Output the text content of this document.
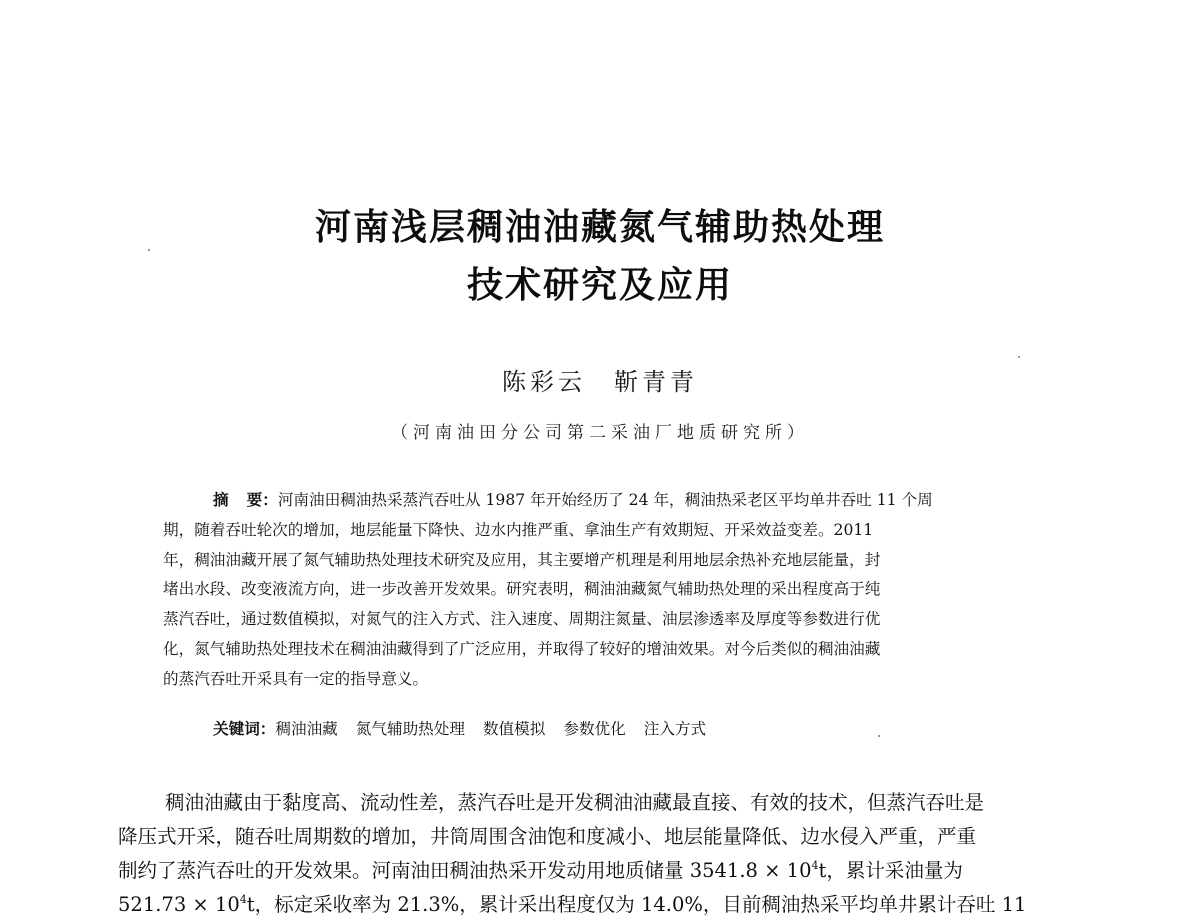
河南浅层稠油油藏氮气辅助热处理
技术研究及应用
陈彩云 靳青青
（河南油田分公司第二采油厂地质研究所）
摘 要：河南油田稠油热采蒸汽吞吐从 1987 年开始经历了 24 年，稠油热采老区平均单井吞吐 11 个周
期，随着吞吐轮次的增加，地层能量下降快、边水内推严重、拿油生产有效期短、开采效益变差。2011
年，稠油油藏开展了氮气辅助热处理技术研究及应用，其主要增产机理是利用地层余热补充地层能量，封
堵出水段、改变液流方向，进一步改善开发效果。研究表明，稠油油藏氮气辅助热处理的采出程度高于纯
蒸汽吞吐，通过数值模拟，对氮气的注入方式、注入速度、周期注氮量、油层渗透率及厚度等参数进行优
化，氮气辅助热处理技术在稠油油藏得到了广泛应用，并取得了较好的增油效果。对今后类似的稠油油藏
的蒸汽吞吐开采具有一定的指导意义。
关键词：稠油油藏 氮气辅助热处理 数值模拟 参数优化 注入方式
稠油油藏由于黏度高、流动性差，蒸汽吞吐是开发稠油油藏最直接、有效的技术，但蒸汽吞吐是
降压式开采，随吞吐周期数的增加，井筒周围含油饱和度减小、地层能量降低、边水侵入严重，严重
制约了蒸汽吞吐的开发效果。河南油田稠油热采开发动用地质储量 $3541.8 \times 10^4t$，累计采油量为
$521.73 \times 10^4t$，标定采收率为 21.3%，累计采出程度仅为 14.0%，目前稠油热采平均单井累计吞吐 11
